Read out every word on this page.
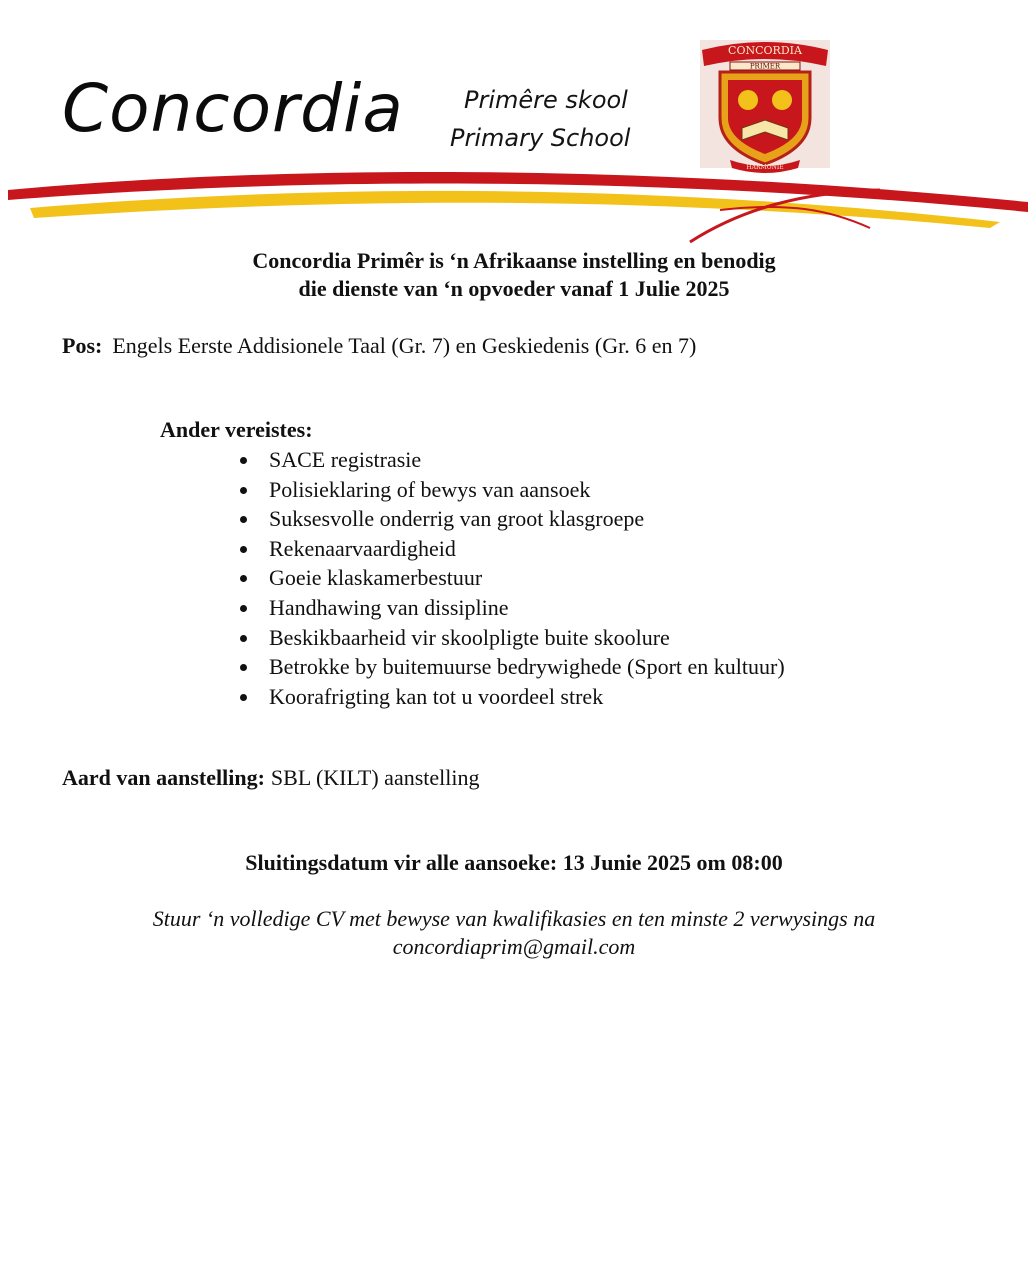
Concordia	Primêre skool
Primary School
CONCORDIA
PRIMÊR
HARMONIE
Concordia Primêr is ‘n Afrikaanse instelling en benodig
die dienste van ‘n opvoeder vanaf 1 Julie 2025
Pos: Engels Eerste Addisionele Taal (Gr. 7) en Geskiedenis (Gr. 6 en 7)
Ander vereistes:
SACE registrasie
Polisieklaring of bewys van aansoek
Suksesvolle onderrig van groot klasgroepe
Rekenaarvaardigheid
Goeie klaskamerbestuur
Handhawing van dissipline
Beskikbaarheid vir skoolpligte buite skoolure
Betrokke by buitemuurse bedrywighede (Sport en kultuur)
Koorafrigting kan tot u voordeel strek
Aard van aanstelling: SBL (KILT) aanstelling
Sluitingsdatum vir alle aansoeke: 13 Junie 2025 om 08:00
Stuur ‘n volledige CV met bewyse van kwalifikasies en ten minste 2 verwysings na
concordiaprim@gmail.com
